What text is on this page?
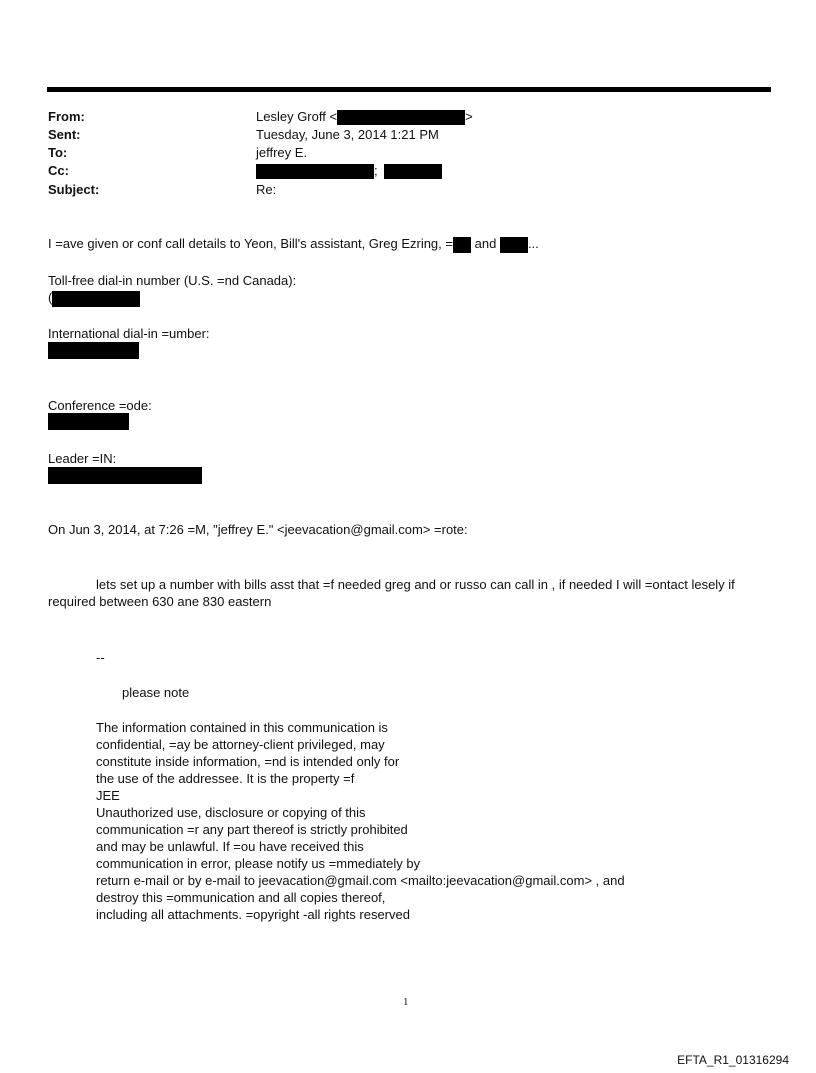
From:	Lesley Groff <	>
Sent:	Tuesday, June 3, 2014 1:21 PM
To:	jeffrey E.
Cc:	;
Subject:	Re:
I =ave given or conf call details to Yeon, Bill's assistant, Greg Ezring, = and ...
Toll-free dial-in number (U.S. =nd Canada):
(
International dial-in =umber:
Conference =ode:
Leader =IN:
On Jun 3, 2014, at 7:26 =M, "jeffrey E." <jeevacation@gmail.com> =rote:
lets set up a number with bills asst that =f needed greg and or russo can call in , if needed I will =ontact lesely if
required between 630 ane 830 eastern
--
please note
The information contained in this communication is
confidential, =ay be attorney-client privileged, may
constitute inside information, =nd is intended only for
the use of the addressee. It is the property =f
JEE
Unauthorized use, disclosure or copying of this
communication =r any part thereof is strictly prohibited
and may be unlawful. If =ou have received this
communication in error, please notify us =mmediately by
return e-mail or by e-mail to jeevacation@gmail.com <mailto:jeevacation@gmail.com> , and
destroy this =ommunication and all copies thereof,
including all attachments. =opyright -all rights reserved
1
EFTA_R1_01316294
